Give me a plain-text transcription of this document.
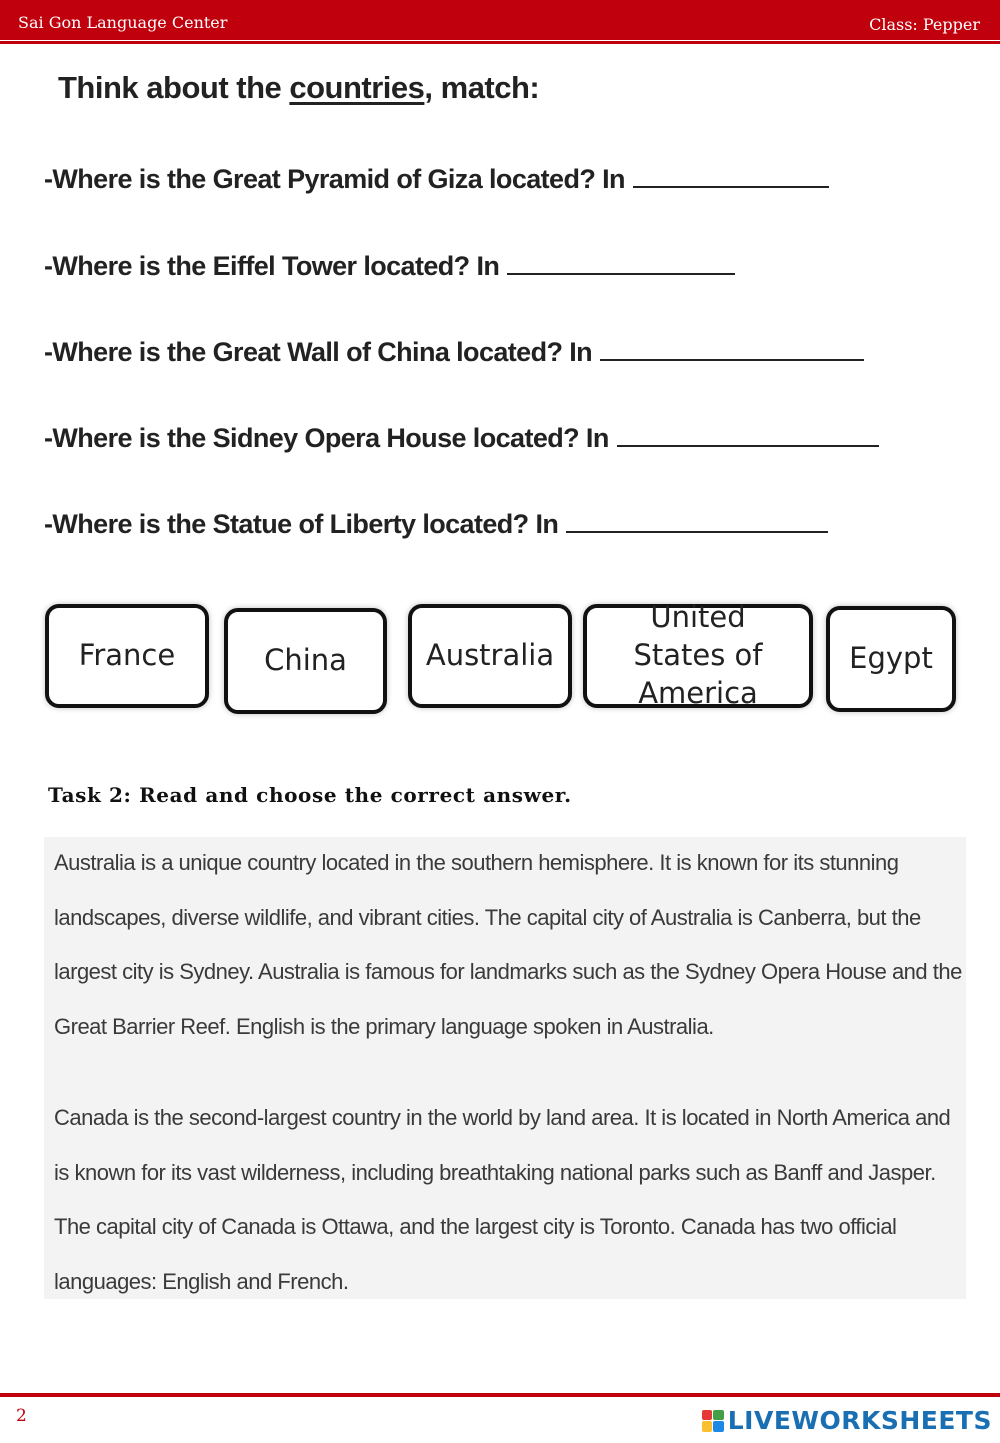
Sai Gon Language Center	Class: Pepper
Think about the countries, match:
-Where is the Great Pyramid of Giza located? In
-Where is the Eiffel Tower located? In
-Where is the Great Wall of China located? In
-Where is the Sidney Opera House located? In
-Where is the Statue of Liberty located? In
France	China	Australia
United States of America
Egypt
Task 2: Read and choose the correct answer.
Australia is a unique country located in the southern hemisphere. It is known for its stunning landscapes, diverse wildlife, and vibrant cities. The capital city of Australia is Canberra, but the largest city is Sydney. Australia is famous for landmarks such as the Sydney Opera House and the Great Barrier Reef. English is the primary language spoken in Australia.
Canada is the second-largest country in the world by land area. It is located in North America and is known for its vast wilderness, including breathtaking national parks such as Banff and Jasper. The capital city of Canada is Ottawa, and the largest city is Toronto. Canada has two official languages: English and French.
2	LIVEWORKSHEETS
